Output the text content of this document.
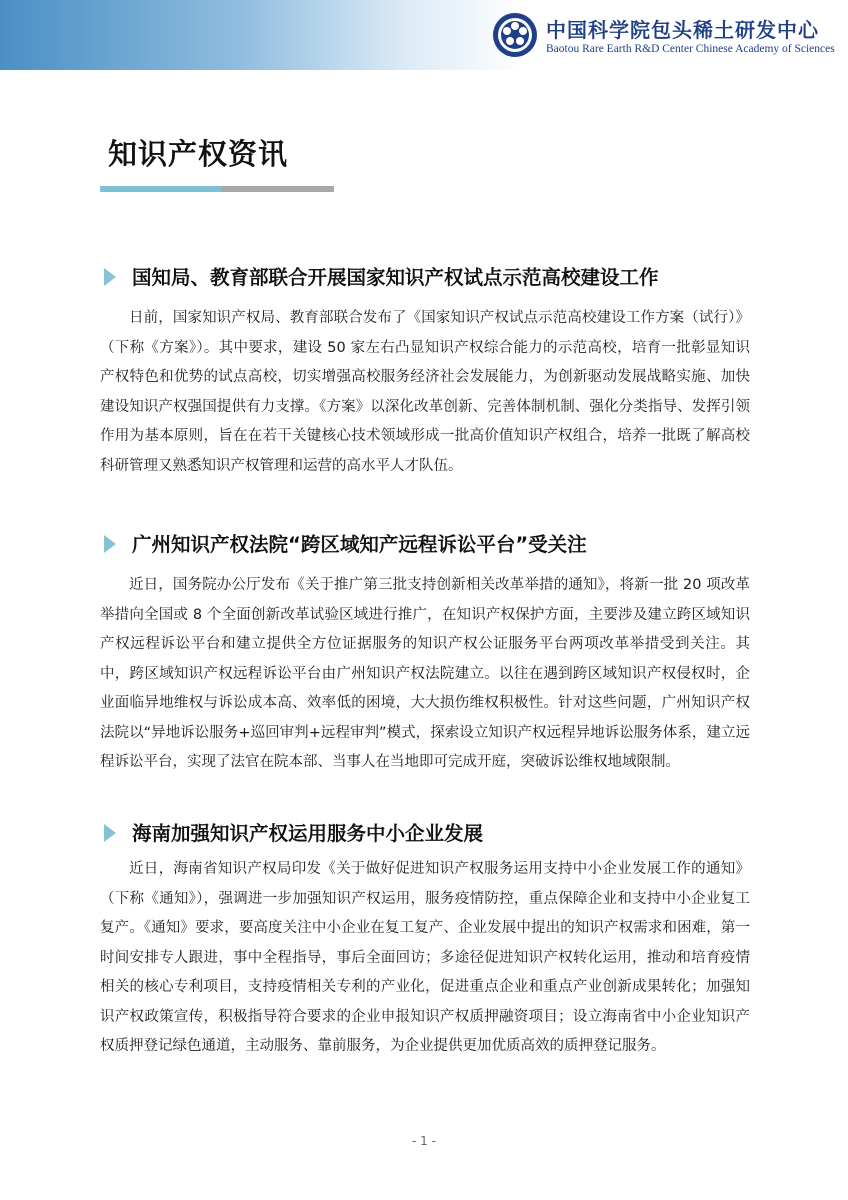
中国科学院包头稀土研发中心
Baotou Rare Earth R&D Center Chinese Academy of Sciences
知识产权资讯
国知局、教育部联合开展国家知识产权试点示范高校建设工作

日前，国家知识产权局、教育部联合发布了《国家知识产权试点示范高校建设工作方案（试行）》（下称《方案》）。其中要求，建设 50 家左右凸显知识产权综合能力的示范高校，培育一批彰显知识产权特色和优势的试点高校，切实增强高校服务经济社会发展能力，为创新驱动发展战略实施、加快建设知识产权强国提供有力支撑。《方案》以深化改革创新、完善体制机制、强化分类指导、发挥引领作用为基本原则，旨在在若干关键核心技术领域形成一批高价值知识产权组合，培养一批既了解高校科研管理又熟悉知识产权管理和运营的高水平人才队伍。

广州知识产权法院“跨区域知产远程诉讼平台”受关注

近日，国务院办公厅发布《关于推广第三批支持创新相关改革举措的通知》，将新一批 20 项改革举措向全国或 8 个全面创新改革试验区域进行推广，在知识产权保护方面，主要涉及建立跨区域知识产权远程诉讼平台和建立提供全方位证据服务的知识产权公证服务平台两项改革举措受到关注。其中，跨区域知识产权远程诉讼平台由广州知识产权法院建立。以往在遇到跨区域知识产权侵权时，企业面临异地维权与诉讼成本高、效率低的困境，大大损伤维权积极性。针对这些问题，广州知识产权法院以“异地诉讼服务+巡回审判+远程审判”模式，探索设立知识产权远程异地诉讼服务体系，建立远程诉讼平台，实现了法官在院本部、当事人在当地即可完成开庭，突破诉讼维权地域限制。

海南加强知识产权运用服务中小企业发展

近日，海南省知识产权局印发《关于做好促进知识产权服务运用支持中小企业发展工作的通知》（下称《通知》），强调进一步加强知识产权运用，服务疫情防控，重点保障企业和支持中小企业复工复产。《通知》要求，要高度关注中小企业在复工复产、企业发展中提出的知识产权需求和困难，第一时间安排专人跟进，事中全程指导，事后全面回访；多途径促进知识产权转化运用，推动和培育疫情相关的核心专利项目，支持疫情相关专利的产业化，促进重点企业和重点产业创新成果转化；加强知识产权政策宣传，积极指导符合要求的企业申报知识产权质押融资项目；设立海南省中小企业知识产权质押登记绿色通道，主动服务、靠前服务，为企业提供更加优质高效的质押登记服务。

- 1 -
